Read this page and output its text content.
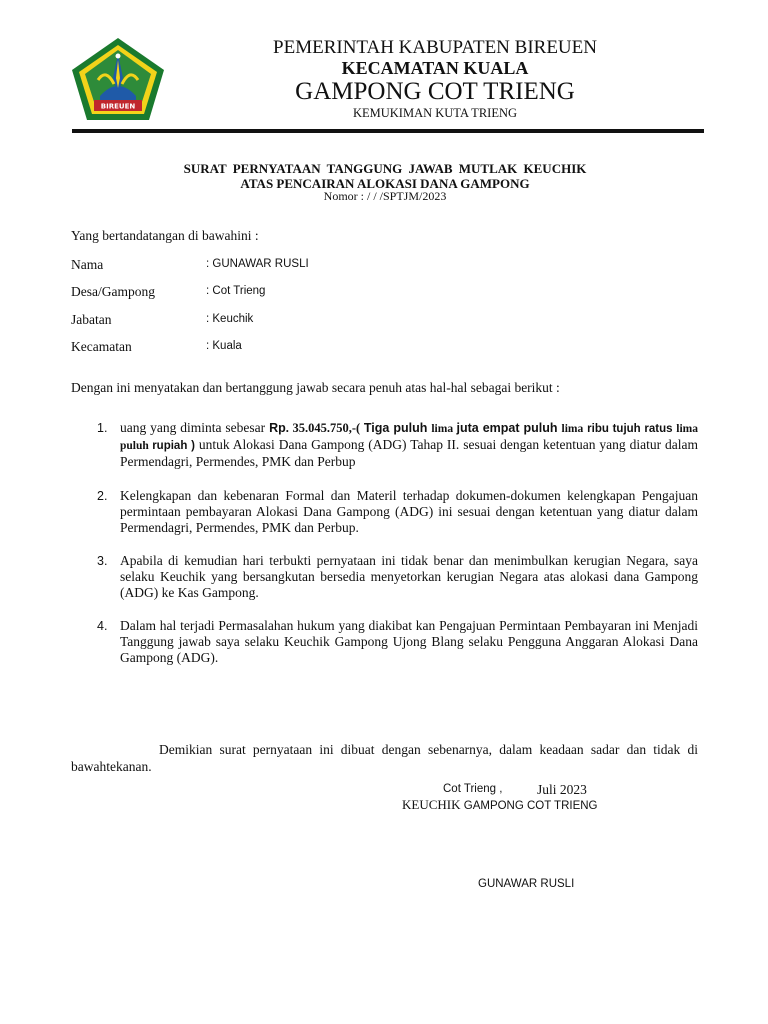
BIREUEN
PEMERINTAH KABUPATEN BIREUEN
KECAMATAN KUALA
GAMPONG COT TRIENG
KEMUKIMAN KUTA TRIENG
SURAT PERNYATAAN TANGGUNG JAWAB MUTLAK KEUCHIK
ATAS PENCAIRAN ALOKASI DANA GAMPONG
Nomor : / / /SPTJM/2023
Yang bertandatangan di bawahini :
Nama	: GUNAWAR RUSLI
Desa/Gampong	: Cot Trieng
Jabatan	: Keuchik
Kecamatan	: Kuala
Dengan ini menyatakan dan bertanggung jawab secara penuh atas hal-hal sebagai berikut :
1. uang yang diminta sebesar Rp. 35.045.750,-( Tiga puluh lima juta empat puluh lima ribu tujuh ratus lima puluh rupiah ) untuk Alokasi Dana Gampong (ADG) Tahap II. sesuai dengan ketentuan yang diatur dalam Permendagri, Permendes, PMK dan Perbup
2. Kelengkapan dan kebenaran Formal dan Materil terhadap dokumen-dokumen kelengkapan Pengajuan permintaan pembayaran Alokasi Dana Gampong (ADG) ini sesuai dengan ketentuan yang diatur dalam Permendagri, Permendes, PMK dan Perbup.
3. Apabila di kemudian hari terbukti pernyataan ini tidak benar dan menimbulkan kerugian Negara, saya selaku Keuchik yang bersangkutan bersedia menyetorkan kerugian Negara atas alokasi dana Gampong (ADG) ke Kas Gampong.
4. Dalam hal terjadi Permasalahan hukum yang diakibat kan Pengajuan Permintaan Pembayaran ini Menjadi Tanggung jawab saya selaku Keuchik Gampong Ujong Blang selaku Pengguna Anggaran Alokasi Dana Gampong (ADG).
Demikian surat pernyataan ini dibuat dengan sebenarnya, dalam keadaan sadar dan tidak di bawahtekanan.
Cot Trieng ,	Juli 2023
KEUCHIK GAMPONG COT TRIENG
GUNAWAR RUSLI
